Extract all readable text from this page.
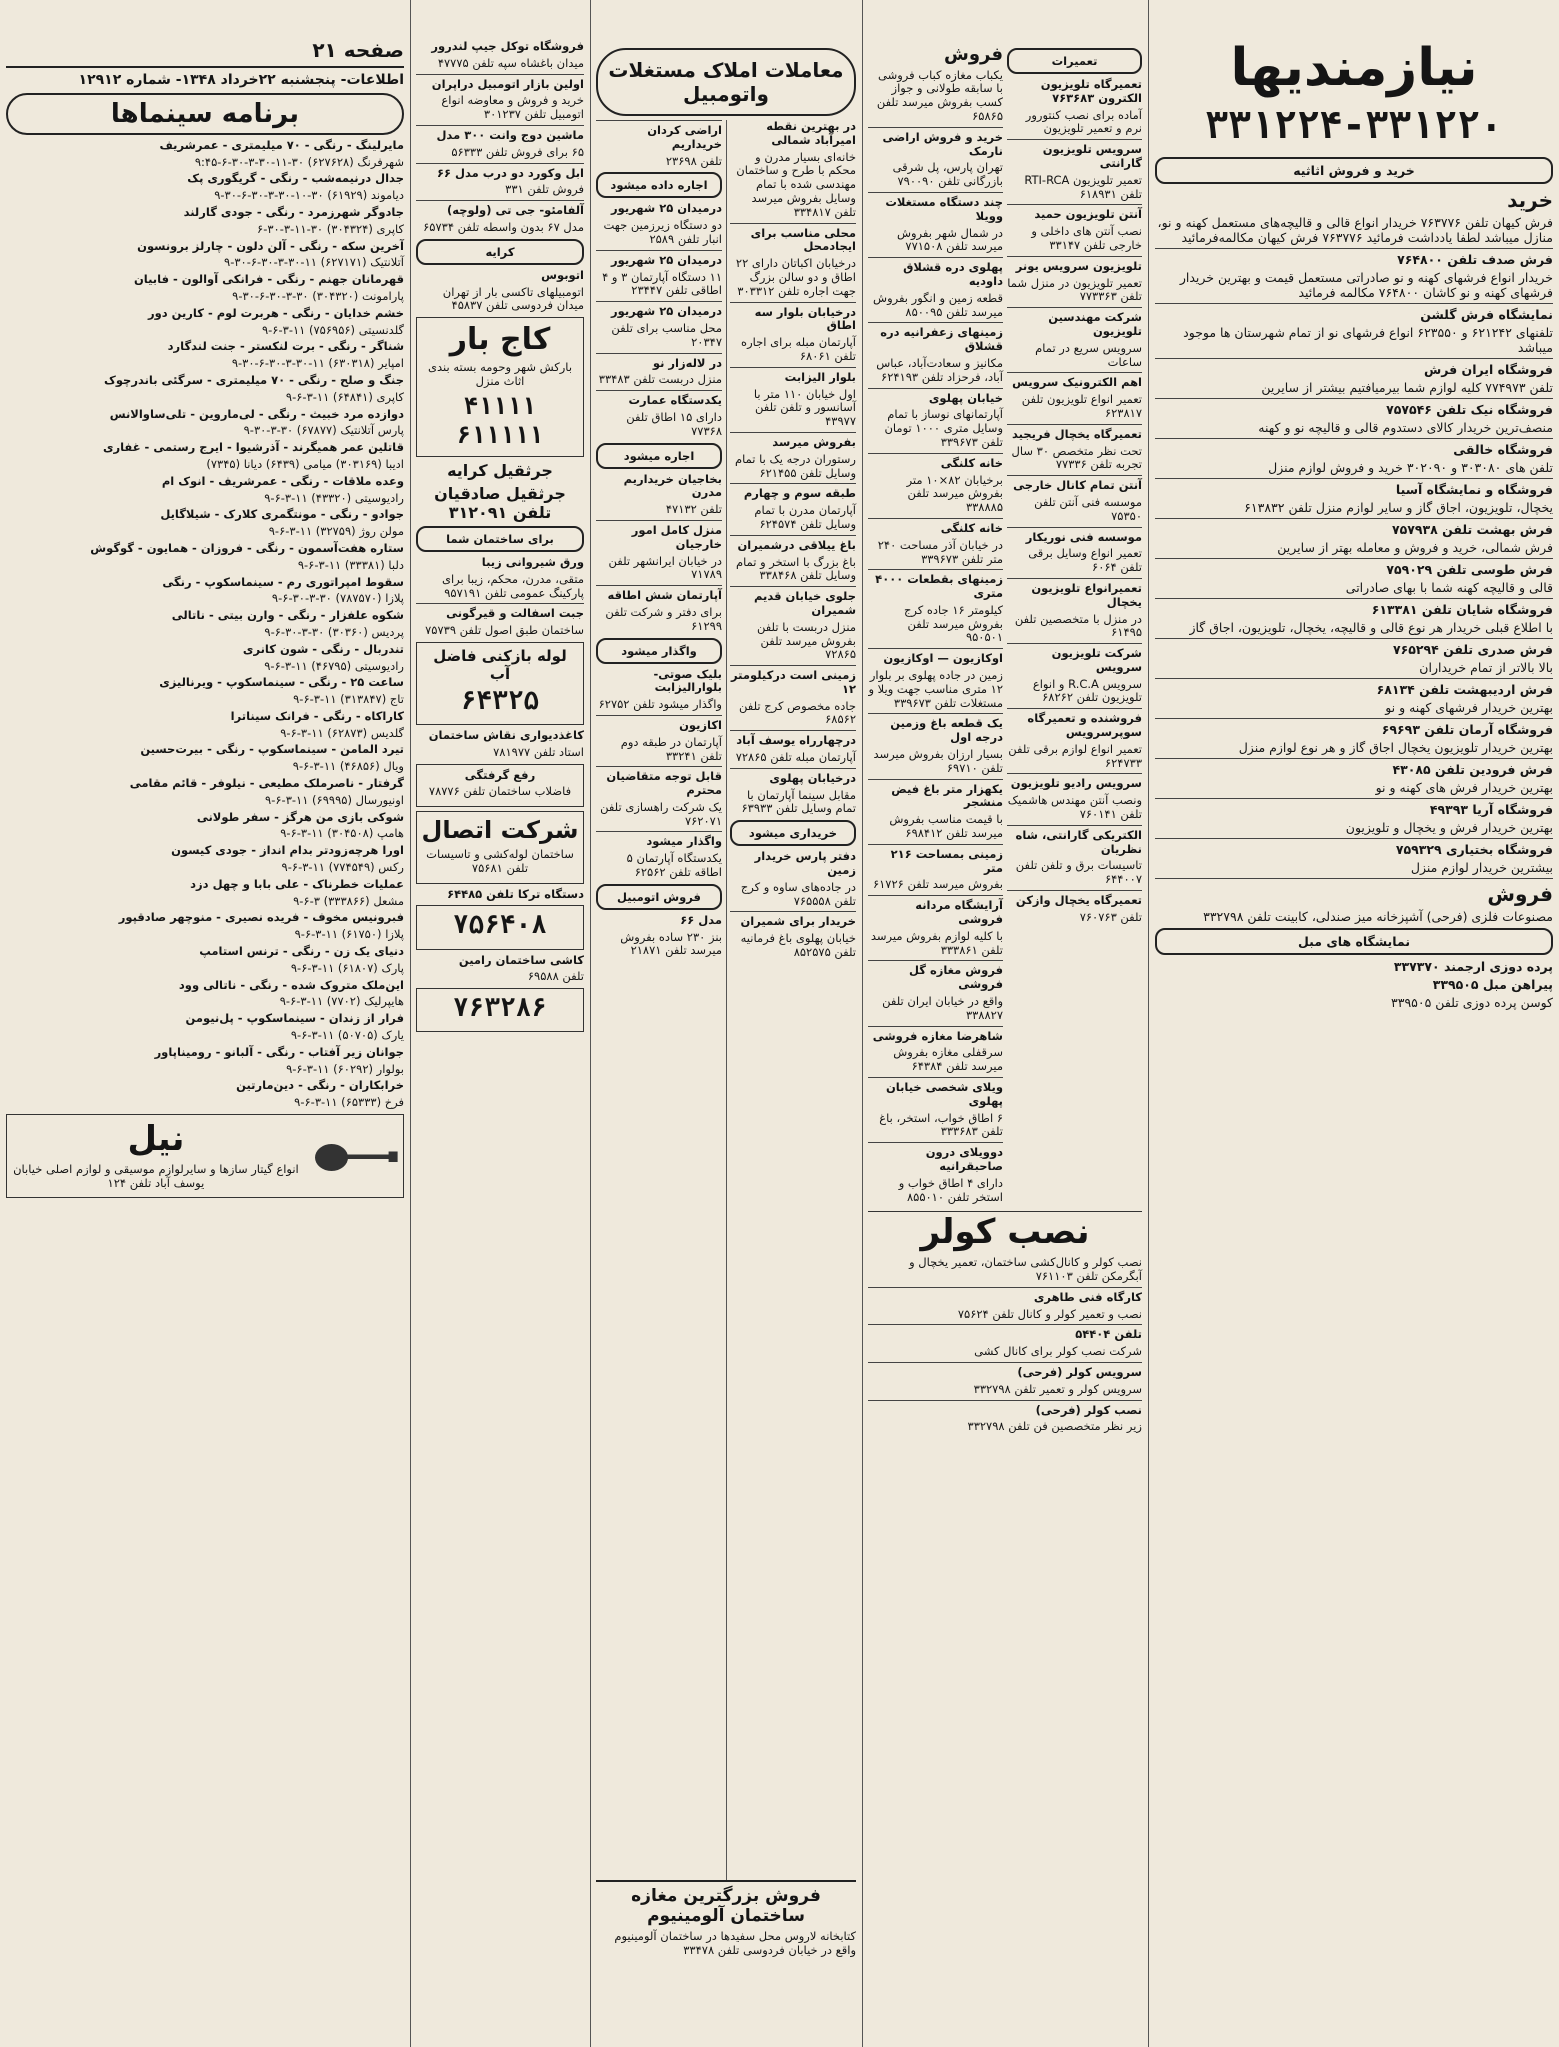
نیازمندیها
۳۳۱۲۲۴-۳۳۱۲۲۰
خرید و فروش اثاثیه

خرید

فرش کیهان تلفن ۷۶۳۷۷۶ خریدار انواع قالی و قالیچه‌های مستعمل کهنه و نو، منازل میباشد لطفا یادداشت فرمائید ۷۶۳۷۷۶ فرش کیهان مکالمه‌فرمائید

فرش صدف تلفن ۷۶۴۸۰۰

خریدار انواع فرشهای کهنه و نو صادراتی مستعمل قیمت و بهترین خریدار فرشهای کهنه و نو کاشان ۷۶۴۸۰۰ مکالمه فرمائید

نمایشگاه فرش گلشن

تلفنهای ۶۲۱۲۴۲ و ۶۲۳۵۵۰ انواع فرشهای نو از تمام شهرستان ها موجود میباشد

فروشگاه ایران فرش

تلفن ۷۷۴۹۷۳ کلیه لوازم شما بیرمیافتیم بیشتر از سایرین

فروشگاه نیک تلفن ۷۵۷۵۴۶

منصف‌ترین خریدار کالای دستدوم قالی و قالیچه نو و کهنه

فروشگاه خالقی

تلفن های ۳۰۳۰۸۰ و ۳۰۲۰۹۰ خرید و فروش لوازم منزل

فروشگاه و نمایشگاه آسیا

یخچال، تلویزیون، اجاق گاز و سایر لوازم منزل تلفن ۶۱۳۸۳۲

فرش بهشت تلفن ۷۵۷۹۳۸

فرش شمالی، خرید و فروش و معامله بهتر از سایرین

فرش طوسی تلفن ۷۵۹۰۲۹

قالی و قالیچه کهنه شما با بهای صادراتی

فروشگاه شایان تلفن ۶۱۳۳۸۱

با اطلاع قبلی خریدار هر نوع قالی و قالیچه، یخچال، تلویزیون، اجاق گاز

فرش صدری تلفن ۷۶۵۲۹۴

بالا بالاتر از تمام خریداران

فرش اردیبهشت تلفن ۶۸۱۳۴

بهترین خریدار فرشهای کهنه و نو

فروشگاه آرمان تلفن ۶۹۶۹۳

بهترین خریدار تلویزیون یخچال اجاق گاز و هر نوع لوازم منزل

فرش فرودین تلفن ۴۳۰۸۵

بهترین خریدار فرش های کهنه و نو

فروشگاه آریا ۴۹۳۹۳

بهترین خریدار فرش و یخچال و تلویزیون

فروشگاه بختیاری ۷۵۹۳۲۹

بیشترین خریدار لوازم منزل

فروش

مصنوعات فلزی (فرحی) آشپزخانه میز صندلی، کابینت تلفن ۳۳۲۷۹۸

نمایشگاه های مبل

پرده دوزی ارجمند ۳۳۷۳۷۰

پیراهن مبل ۳۳۹۵۰۵

کوسن پرده دوزی تلفن ۳۳۹۵۰۵

تعمیرات

تعمیرگاه تلویزیون الکترون ۷۶۳۶۸۳

آماده برای نصب کنتورور نرم و تعمیر تلویزیون

سرویس تلویزیون گارانتی

تعمیر تلویزیون RTI-RCA تلفن ۶۱۸۹۳۱

آنتن تلویزیون حمید

نصب آنتن های داخلی و خارجی تلفن ۳۳۱۴۷

تلویزیون سرویس یونر

تعمیر تلویزیون در منزل شما تلفن ۷۷۳۳۶۳

شرکت مهندسین تلویزیون

سرویس سریع در تمام ساعات

اهم الکترونیک سرویس

تعمیر انواع تلویزیون تلفن ۶۲۳۸۱۷

تعمیرگاه یخچال فریجید

تحت نظر متخصص ۳۰ سال تجربه تلفن ۷۷۳۳۶

آنتن تمام کانال خارجی

موسسه فنی آنتن تلفن ۷۵۳۵۰

موسسه فنی نوریکار

تعمیر انواع وسایل برقی تلفن ۶۰۶۴

تعمیرانواع تلویزیون یخچال

در منزل با متخصصین تلفن ۶۱۴۹۵

شرکت تلویزیون سرویس

سرویس R.C.A و انواع تلویزیون تلفن ۶۸۲۶۲

فروشنده و تعمیرگاه سوپرسرویس

تعمیر انواع لوازم برقی تلفن ۶۲۴۷۳۳

سرویس رادیو تلویزیون

ونصب آنتن مهندس هاشمیک تلفن ۷۶۰۱۴۱

الکتریکی گارانتی، شاه نظریان

تاسیسات برق و تلفن تلفن ۶۴۴۰۰۷

تعمیرگاه یخچال وازکن

تلفن ۷۶۰۷۶۳

فروش

یکباب مغازه کباب ‌فروشی با سابقه طولانی و جواز کسب بفروش میرسد تلفن ۶۵۸۶۵

خرید و فروش اراضی نارمک

تهران پارس، پل شرقی بازرگانی تلفن ۷۹۰۰۹۰

چند دستگاه مستغلات وویلا

در شمال شهر بفروش میرسد تلفن ۷۷۱۵۰۸

پهلوی دره قشلاق داوديه

قطعه زمین و انگور بفروش میرسد تلفن ۸۵۰۰۹۵

زمینهای زعفرانیه دره قشلاق

مکانیز و سعادت‌آباد، عباس آباد، فرحزاد تلفن ۶۲۴۱۹۳

خیابان پهلوی

آپارتمانهای نوساز با تمام وسایل متری ۱۰۰۰ تومان تلفن ۳۳۹۶۷۳

خانه کلنگی

برخیابان ۸۲×۱۰ متر بفروش میرسد تلفن ۳۳۸۸۸۵

خانه کلنگی

در خیابان آذر مساحت ۲۴۰ متر تلفن ۳۳۹۶۷۳

زمینهای بقطعات ۴۰۰۰ متری

کیلومتر ۱۶ جاده کرج بفروش میرسد تلفن ۹۵۰۵۰۱

اوکازیون — اوکازیون

زمین در جاده پهلوی بر بلوار ۱۲ متری مناسب جهت ویلا و مستغلات تلفن ۳۳۹۶۷۳

یک قطعه باغ وزمین درجه اول

بسیار ارزان بفروش میرسد تلفن ۶۹۷۱۰

یکهزار متر باغ فیض منشجر

با قیمت مناسب بفروش میرسد تلفن ۶۹۸۴۱۲

زمینی بمساحت ۲۱۶ متر

بفروش میرسد تلفن ۶۱۷۲۶

آرایشگاه مردانه فروشی

با کلیه لوازم بفروش میرسد تلفن ۳۳۳۸۶۱

فروش مغازه گل فروشی

واقع در خیابان ایران تلفن ۳۳۸۸۲۷

شاهرضا مغازه فروشی

سرقفلی مغازه بفروش میرسد تلفن ۶۴۳۸۴

ویلای شخصی خیابان پهلوی

۶ اطاق خواب، استخر، باغ تلفن ۳۳۳۶۸۳

دوویلای درون صاحبقرانیه

دارای ۴ اطاق خواب و استخر تلفن ۸۵۵۰۱۰

نصب کولر

نصب کولر و کانال‌کشی ساختمان، تعمیر یخچال و آبگرمکن تلفن ۷۶۱۱۰۳

کارگاه فنی طاهری

نصب و تعمیر کولر و کانال تلفن ۷۵۶۲۴

تلفن ۵۴۴۰۴

شرکت نصب کولر برای کانال کشی

سرویس کولر (فرحی)

سرویس کولر و تعمیر تلفن ۳۳۲۷۹۸

نصب کولر (فرحی)

زیر نظر متخصصین فن تلفن ۳۳۲۷۹۸

معاملات املاک مستغلات واتومبیل

در بهترین نقطه امیرآباد شمالی

خانه‌ای بسیار مدرن و محکم با طرح و ساختمان مهندسی شده با تمام وسایل بفروش میرسد تلفن ۳۳۴۸۱۷

محلی مناسب برای ایجادمحل

درخیابان اکباتان دارای ۲۲ اطاق و دو سالن بزرگ جهت اجاره تلفن ۳۰۳۳۱۲

درخیابان بلوار سه اطاق

آپارتمان مبله برای اجاره تلفن ۶۸۰۶۱

بلوار الیزابت

اول خیابان ۱۱۰ متر با آسانسور و تلفن تلفن ۴۳۹۷۷

بفروش میرسد

رستوران درجه یک با تمام وسایل تلفن ۶۲۱۴۵۵

طبقه سوم و چهارم

آپارتمان مدرن با تمام وسایل تلفن ۶۲۴۵۷۴

باغ ییلاقی درشمیران

باغ بزرگ با استخر و تمام وسایل تلفن ۳۳۸۴۶۸

جلوی خیابان قدیم شمیران

منزل دربست با تلفن بفروش میرسد تلفن ۷۲۸۶۵

زمینی است درکیلومتر ۱۲

جاده مخصوص کرج تلفن ۶۸۵۶۲

درچهارراه یوسف آباد

آپارتمان مبله تلفن ۷۲۸۶۵

درخیابان پهلوی

مقابل سینما آپارتمان با تمام وسایل تلفن ۶۳۹۳۳

خریداری میشود

دفتر پارس خریدار زمین

در جاده‌های ساوه و کرج تلفن ۷۶۵۵۵۸

خریدار برای شمیران

خیابان پهلوی باغ فرمانیه تلفن ۸۵۲۵۷۵

اراضی کردان خریداریم

تلفن ۲۳۶۹۸

اجاره داده میشود

درمیدان ۲۵ شهریور

دو دستگاه زیرزمین جهت انبار تلفن ۲۵۸۹

درمیدان ۲۵ شهریور

۱۱ دستگاه آپارتمان ۳ و ۴ اطاقی تلفن ۲۳۴۴۷

درمیدان ۲۵ شهریور

محل مناسب برای تلفن ۲۰۳۴۷

در لاله‌زار نو

منزل دربست تلفن ۳۳۴۸۳

یکدستگاه عمارت

دارای ۱۵ اطاق تلفن ۷۷۳۶۸

اجاره میشود

بخاجیان خریداریم مدرن

تلفن ۴۷۱۳۲

منزل کامل امور خارجیان

در خیابان ایرانشهر تلفن ۷۱۷۸۹

آپارتمان شش اطاقه

برای دفتر و شرکت تلفن ۶۱۲۹۹

واگذار میشود

بلیک صوتی- بلوارالیزابت

واگذار میشود تلفن ۶۲۷۵۲

اکازیون

آپارتمان در طبقه دوم تلفن ۳۳۲۴۱

قابل توجه متقاضیان محترم

یک شرکت راهسازی تلفن ۷۶۲۰۷۱

واگذار میشود

یکدستگاه آپارتمان ۵ اطاقه تلفن ۶۲۵۶۲

فروش اتومبیل

مدل ۶۶

بنز ۲۳۰ ساده بفروش میرسد تلفن ۲۱۸۷۱

فروش بزرگترین مغازه ساختمان آلومینیوم

کتابخانه لاروس محل سفیدها در ساختمان آلومینیوم واقع در خیابان فردوسی تلفن ۳۳۴۷۸

فروشگاه توکل جیپ لندرور

میدان باغشاه سپه تلفن ۴۷۷۷۵

اولین بازار اتومبیل دراپران

خرید و فروش و معاوضه انواع اتومبیل تلفن ۳۰۱۲۳۷

ماشین دوج وانت ۳۰۰ مدل

۶۵ برای فروش تلفن ۵۶۳۳۳

ابل وکورد دو درب مدل ۶۶

فروش تلفن ۳۳۱

آلفامئو- جی تی (ولوچه)

مدل ۶۷ بدون واسطه تلفن ۶۵۷۳۴

کرایه

اتوبوس

اتومبیلهای تاکسی بار از تهران میدان فردوسی تلفن ۴۵۸۳۷

کاج بار

بارکش شهر وحومه بسته بندی اثاث منزل

۴۱۱۱۱ ۶۱۱۱۱۱

جرثقیل کرایه

جرثقیل صادقیان تلفن ۳۱۲۰۹۱

برای ساختمان شما

ورق شیروانی زیبا

متقی، مدرن، محکم، زیبا برای پارکینگ عمومی تلفن ۹۵۷۱۹۱

جبت اسفالت و قیرگونی

ساختمان طبق اصول تلفن ۷۵۷۳۹

لوله بازکنی فاضل آب

۶۴۳۲۵

کاغذدیواری نقاش ساختمان

استاد تلفن ۷۸۱۹۷۷

رفع گرفتگی

فاضلاب ساختمان تلفن ۷۸۷۷۶

شرکت اتصال

ساختمان لوله‌کشی و تاسیسات تلفن ۷۵۶۸۱

دستگاه ترکا تلفن ۶۴۴۸۵

۷۵۶۴۰۸

کاشی ساختمان رامین

تلفن ۶۹۵۸۸

۷۶۳۲۸۶

صفحه ۲۱

اطلاعات- پنجشنبه ۲۲خرداد ۱۳۴۸- شماره ۱۲۹۱۲

برنامه سینماها

مایرلینگ - رنگی - ۷۰ میلیمتری - عمرشریف

شهرفرنگ (۶۲۷۶۲۸) ۳۰-۱۱-۳۰-۳-۳۰-۶-۹:۴۵

جدال درنیمه‌شب - رنگی - گریگوری پک

دیاموند (۶۱۹۲۹) ۳۰-۱۰-۳۰-۳-۳۰-۶-۳۰-۹

جادوگر شهرزمرد - رنگی - جودی گارلند

کاپری (۳۰۴۳۲۴) ۳۰-۱۱-۳-۳۰-۶

آخرین سکه - رنگی - آلن دلون - چارلز برونسون

آتلانتیک (۶۲۷۱۷۱) ۱۱-۳۰-۳-۳۰-۶-۳۰-۹

قهرمانان جهنم - رنگی - فرانکی آوالون - فابیان

پارامونت (۳۰۴۳۲۰) ۳۰-۳-۳۰-۶-۳۰-۹

خشم خدایان - رنگی - هربرت لوم - کارین دور

گلدنسیتی (۷۵۶۹۵۶) ۱۱-۳-۶-۹

شناگر - رنگی - برت لنکستر - جنت لندگارد

امپایر (۶۳۰۳۱۸) ۱۱-۳۰-۳-۳۰-۶-۳۰-۹

جنگ و صلح - رنگی - ۷۰ میلیمتری - سرگئی باندرچوک

کاپری (۶۴۸۴۱) ۱۱-۳-۶-۹

دوازده مرد خبیث - رنگی - لی‌ماروین - تلی‌ساوالانس

پارس آتلانتیک (۶۷۸۷۷) ۳۰-۳-۳۰-۹

قاتلین عمر همیگرند - آذرشیوا - ایرج رستمی - غفاری

ادیبا (۳۰۳۱۶۹) میامی (۶۴۳۹) دیانا (۷۳۴۵)

وعده ملاقات - رنگی - عمرشریف - انوک ام

رادیوسیتی (۴۳۳۲۰) ۱۱-۳-۶-۹

جوادو - رنگی - مونتگمری کلارک - شیلاگایل

مولن روژ (۳۲۷۵۹) ۱۱-۳-۶-۹

ستاره هفت‌آسمون - رنگی - فروزان - همایون - گوگوش

دلبا (۳۳۳۸۱) ۱۱-۳-۶-۹

سقوط امپراتوری رم - سینماسکوپ - رنگی

پلازا (۷۸۷۵۷۰) ۳۰-۳-۳۰-۶-۹

شکوه علفزار - رنگی - وارن بیتی - ناتالی

پردیس (۳۰۳۶۰) ۳۰-۳-۳۰-۶-۹

تندربال - رنگی - شون کانری

رادیوسیتی (۴۶۷۹۵) ۱۱-۳-۶-۹

ساعت ۲۵ - رنگی - سینماسکوپ - ویرنالیزی

تاج (۳۱۳۸۴۷) ۱۱-۳-۶-۹

کاراکاه - رنگی - فرانک سیناترا

گلدیس (۶۲۸۷۳) ۱۱-۳-۶-۹

تیرد المامن - سینماسکوپ - رنگی - بیرت‌حسین

ویال (۴۶۸۵۶) ۱۱-۳-۶-۹

گرفتار - ناصرملک مطیعی - نیلوفر - قائم مقامی

اونیورسال (۶۹۹۹۵) ۱۱-۳-۶-۹

شوکی بازی من هرگز - سفر طولانی

هامپ (۳۰۴۵۰۸) ۱۱-۳-۶-۹

اورا هرچه‌زودتر بدام انداز - جودی کیسون

رکس (۷۷۴۵۴۹) ۱۱-۳-۶-۹

عملیات خطرناک - علی بابا و چهل دزد

مشعل (۳۳۳۸۶۶) ۳-۶-۹

فبرونیس مخوف - فریده نصیری - منوچهر صادقپور

پلازا (۶۱۷۵۰) ۱۱-۳-۶-۹

دنیای یک زن - رنگی - ترنس استامپ

پارک (۶۱۸۰۷) ۱۱-۳-۶-۹

این‌ملک متروک شده - رنگی - ناتالی وود

هایپرلیک (۷۷۰۲) ۱۱-۳-۶-۹

فرار از زندان - سینماسکوپ - پل‌نیومن

یارک (۵۰۷۰۵) ۱۱-۳-۶-۹

جوانان زیر آفتاب - رنگی - آلبانو - رومیناپاور

بولوار (۶۰۲۹۲) ۱۱-۳-۶-۹

خرابکاران - رنگی - دین‌مارتین

فرخ (۶۵۳۳۳) ۱۱-۳-۶-۹

نیل

انواع گیتار سازها و سایرلوازم موسیقی و لوازم اصلی خیابان یوسف آباد تلفن ۱۲۴
